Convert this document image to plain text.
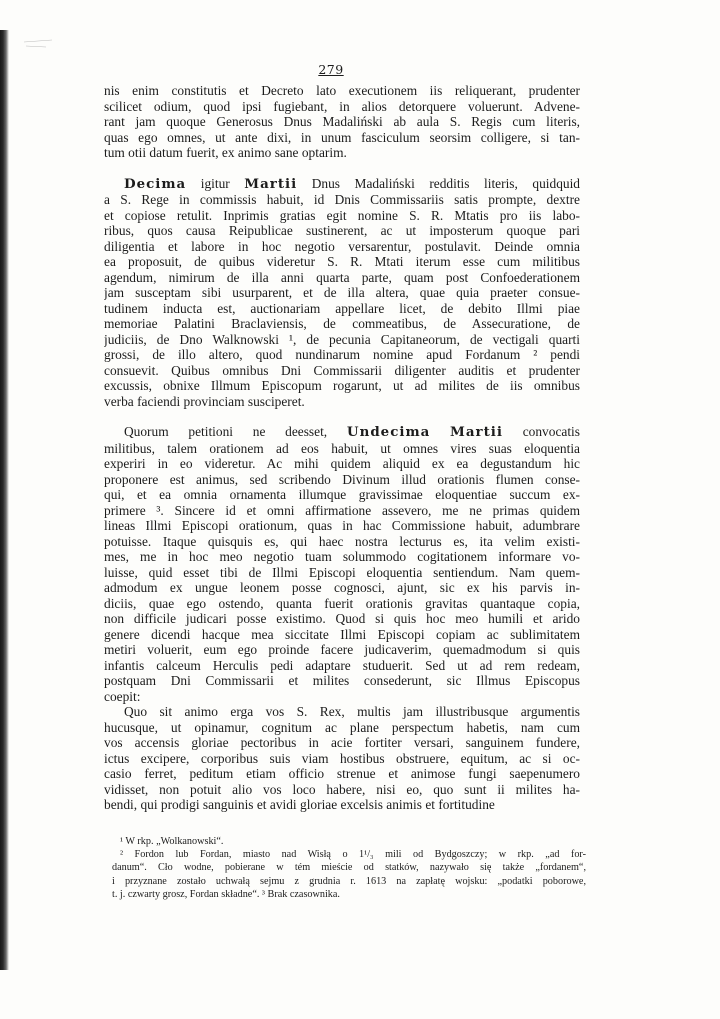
279
nis enim constitutis et Decreto lato executionem iis reliquerant, prudenter
scilicet odium, quod ipsi fugiebant, in alios detorquere voluerunt. Advene-
rant jam quoque Generosus Dnus Madaliński ab aula S. Regis cum literis,
quas ego omnes, ut ante dixi, in unum fasciculum seorsim colligere, si tan-
tum otii datum fuerit, ex animo sane optarim.
Decima igitur Martii Dnus Madaliński redditis literis, quidquid
a S. Rege in commissis habuit, id Dnis Commissariis satis prompte, dextre
et copiose retulit. Inprimis gratias egit nomine S. R. Mtatis pro iis labo-
ribus, quos causa Reipublicae sustinerent, ac ut imposterum quoque pari
diligentia et labore in hoc negotio versarentur, postulavit. Deinde omnia
ea proposuit, de quibus videretur S. R. Mtati iterum esse cum militibus
agendum, nimirum de illa anni quarta parte, quam post Confoederationem
jam susceptam sibi usurparent, et de illa altera, quae quia praeter consue-
tudinem inducta est, auctionariam appellare licet, de debito Illmi piae
memoriae Palatini Braclaviensis, de commeatibus, de Assecuratione, de
judiciis, de Dno Walknowski ¹, de pecunia Capitaneorum, de vectigali quarti
grossi, de illo altero, quod nundinarum nomine apud Fordanum ² pendi
consuevit. Quibus omnibus Dni Commissarii diligenter auditis et prudenter
excussis, obnixe Illmum Episcopum rogarunt, ut ad milites de iis omnibus
verba faciendi provinciam susciperet.
Quorum petitioni ne deesset, Undecima Martii convocatis
militibus, talem orationem ad eos habuit, ut omnes vires suas eloquentia
experiri in eo videretur. Ac mihi quidem aliquid ex ea degustandum hic
proponere est animus, sed scribendo Divinum illud orationis flumen conse-
qui, et ea omnia ornamenta illumque gravissimae eloquentiae succum ex-
primere ³. Sincere id et omni affirmatione assevero, me ne primas quidem
lineas Illmi Episcopi orationum, quas in hac Commissione habuit, adumbrare
potuisse. Itaque quisquis es, qui haec nostra lecturus es, ita velim existi-
mes, me in hoc meo negotio tuam solummodo cogitationem informare vo-
luisse, quid esset tibi de Illmi Episcopi eloquentia sentiendum. Nam quem-
admodum ex ungue leonem posse cognosci, ajunt, sic ex his parvis in-
diciis, quae ego ostendo, quanta fuerit orationis gravitas quantaque copia,
non difficile judicari posse existimo. Quod si quis hoc meo humili et arido
genere dicendi hacque mea siccitate Illmi Episcopi copiam ac sublimitatem
metiri voluerit, eum ego proinde facere judicaverim, quemadmodum si quis
infantis calceum Herculis pedi adaptare studuerit. Sed ut ad rem redeam,
postquam Dni Commissarii et milites consederunt, sic Illmus Episcopus
coepit:
Quo sit animo erga vos S. Rex, multis jam illustribusque argumentis
hucusque, ut opinamur, cognitum ac plane perspectum habetis, nam cum
vos accensis gloriae pectoribus in acie fortiter versari, sanguinem fundere,
ictus excipere, corporibus suis viam hostibus obstruere, equitum, ac si oc-
casio ferret, peditum etiam officio strenue et animose fungi saepenumero
vidisset, non potuit alio vos loco habere, nisi eo, quo sunt ii milites ha-
bendi, qui prodigi sanguinis et avidi gloriae excelsis animis et fortitudine
¹ W rkp. „Wolkanowski“.
² Fordon lub Fordan, miasto nad Wisłą o 1¹/₃ mili od Bydgoszczy; w rkp. „ad for-
danum“. Cło wodne, pobierane w tém mieście od statków, nazywało się także „fordanem“,
i przyznane zostało uchwałą sejmu z grudnia r. 1613 na zapłatę wojsku: „podatki poborowe,
t. j. czwarty grosz, Fordan składne“. ³ Brak czasownika.
